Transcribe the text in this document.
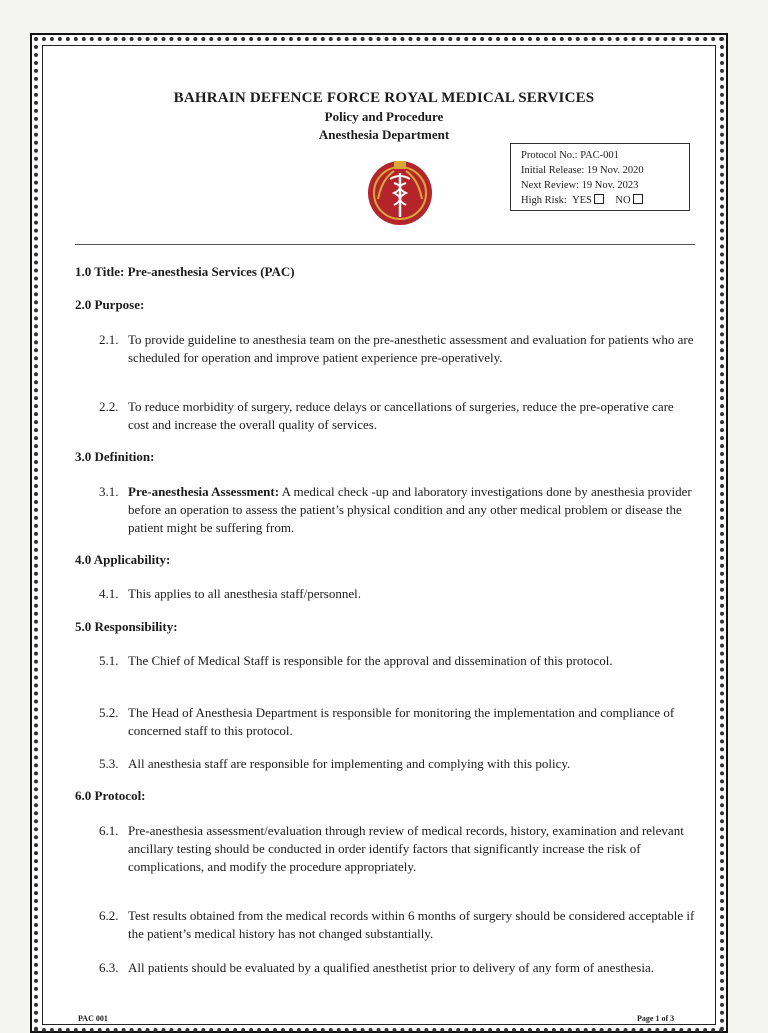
BAHRAIN DEFENCE FORCE ROYAL MEDICAL SERVICES
Policy and Procedure
Anesthesia Department
Protocol No.: PAC-001
Initial Release: 19 Nov. 2020
Next Review: 19 Nov. 2023
High Risk: YES NO
1.0 Title: Pre-anesthesia Services (PAC)
2.0 Purpose:
2.1. To provide guideline to anesthesia team on the pre-anesthetic assessment and evaluation for patients who are scheduled for operation and improve patient experience pre-operatively.
2.2. To reduce morbidity of surgery, reduce delays or cancellations of surgeries, reduce the pre-operative care cost and increase the overall quality of services.
3.0 Definition:
3.1. Pre-anesthesia Assessment: A medical check -up and laboratory investigations done by anesthesia provider before an operation to assess the patient’s physical condition and any other medical problem or disease the patient might be suffering from.
4.0 Applicability:
4.1. This applies to all anesthesia staff/personnel.
5.0 Responsibility:
5.1. The Chief of Medical Staff is responsible for the approval and dissemination of this protocol.
5.2. The Head of Anesthesia Department is responsible for monitoring the implementation and compliance of concerned staff to this protocol.
5.3. All anesthesia staff are responsible for implementing and complying with this policy.
6.0 Protocol:
6.1. Pre-anesthesia assessment/evaluation through review of medical records, history, examination and relevant ancillary testing should be conducted in order identify factors that significantly increase the risk of complications, and modify the procedure appropriately.
6.2. Test results obtained from the medical records within 6 months of surgery should be considered acceptable if the patient’s medical history has not changed substantially.
6.3. All patients should be evaluated by a qualified anesthetist prior to delivery of any form of anesthesia.
PAC 001	Page 1 of 3
